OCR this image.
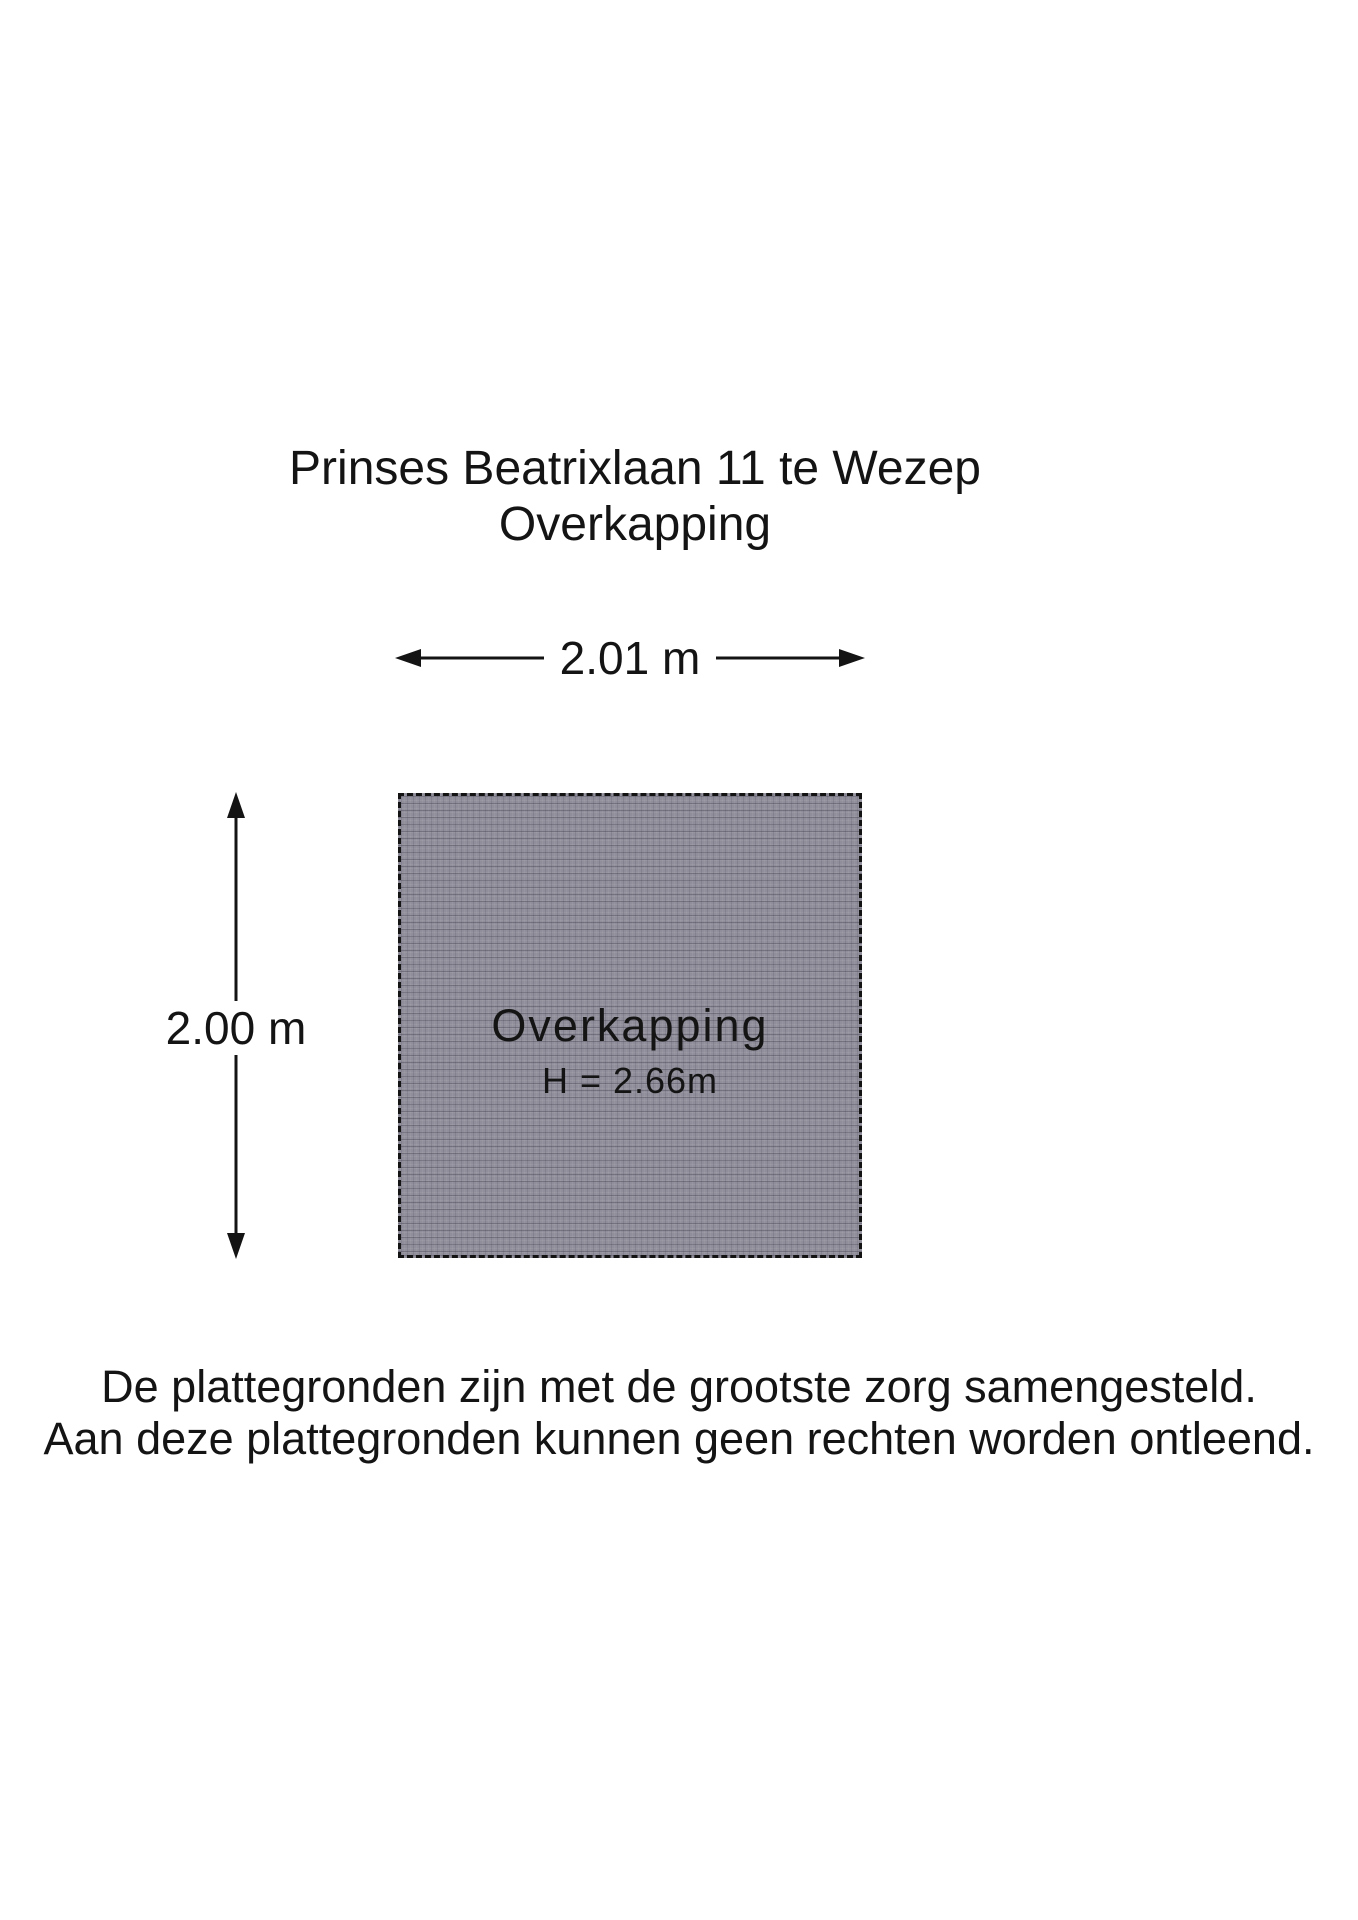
Prinses Beatrixlaan 11 te Wezep
Overkapping
2.01 m
2.00 m	Overkapping
H = 2.66m
De plattegronden zijn met de grootste zorg samengesteld.
Aan deze plattegronden kunnen geen rechten worden ontleend.
